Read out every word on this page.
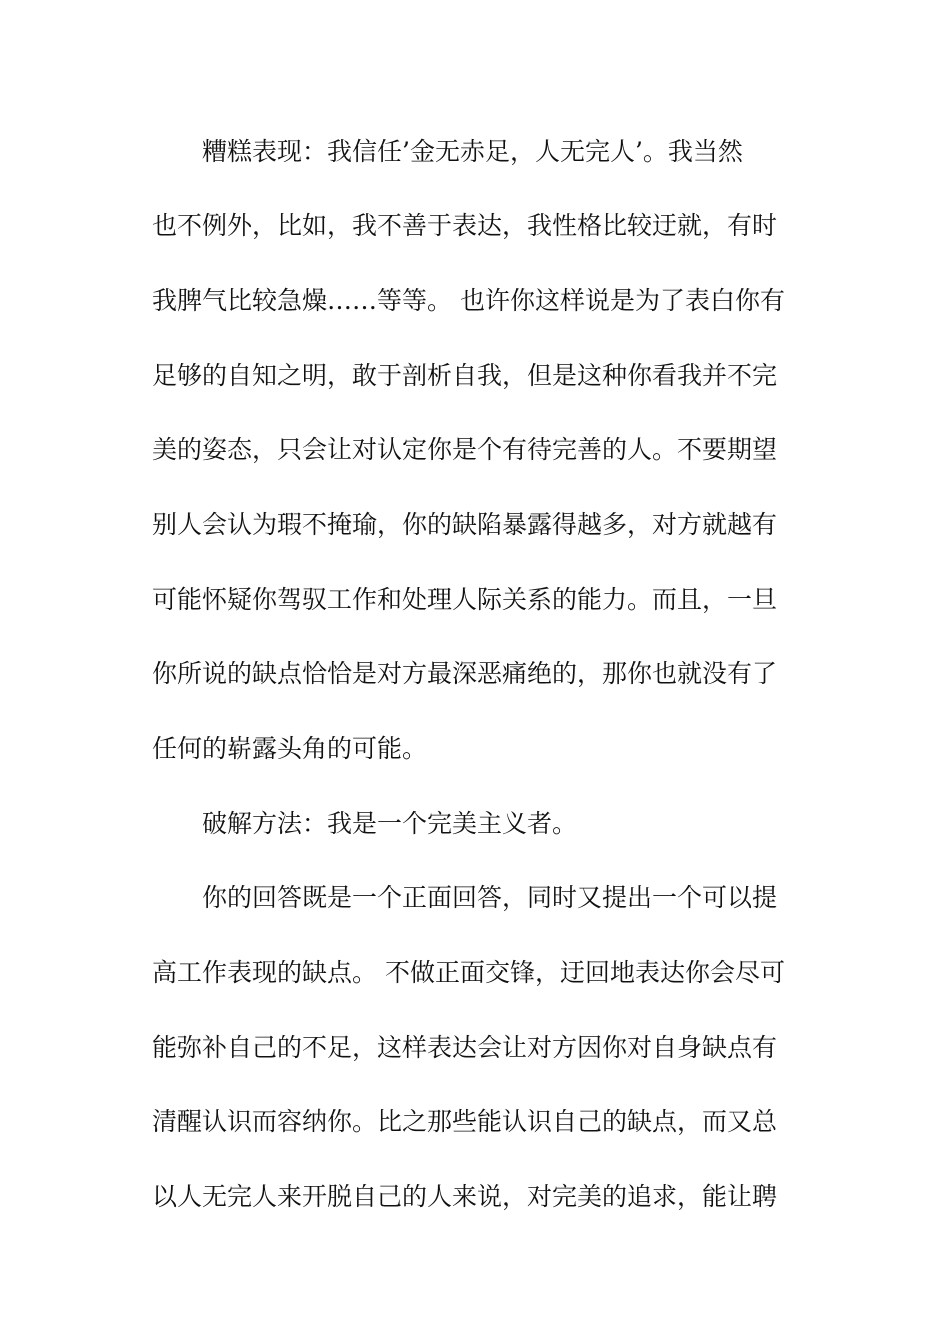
糟糕表现：我信任’金无赤足，人无完人’。我当然
也不例外，比如，我不善于表达，我性格比较迂就，有时
我脾气比较急燥……等等。 也许你这样说是为了表白你有
足够的自知之明，敢于剖析自我，但是这种你看我并不完
美的姿态，只会让对认定你是个有待完善的人。不要期望
别人会认为瑕不掩瑜，你的缺陷暴露得越多，对方就越有
可能怀疑你驾驭工作和处理人际关系的能力。而且，一旦
你所说的缺点恰恰是对方最深恶痛绝的，那你也就没有了
任何的崭露头角的可能。
破解方法：我是一个完美主义者。
你的回答既是一个正面回答，同时又提出一个可以提
高工作表现的缺点。 不做正面交锋，迂回地表达你会尽可
能弥补自己的不足，这样表达会让对方因你对自身缺点有
清醒认识而容纳你。比之那些能认识自己的缺点，而又总
以人无完人来开脱自己的人来说，对完美的追求，能让聘
